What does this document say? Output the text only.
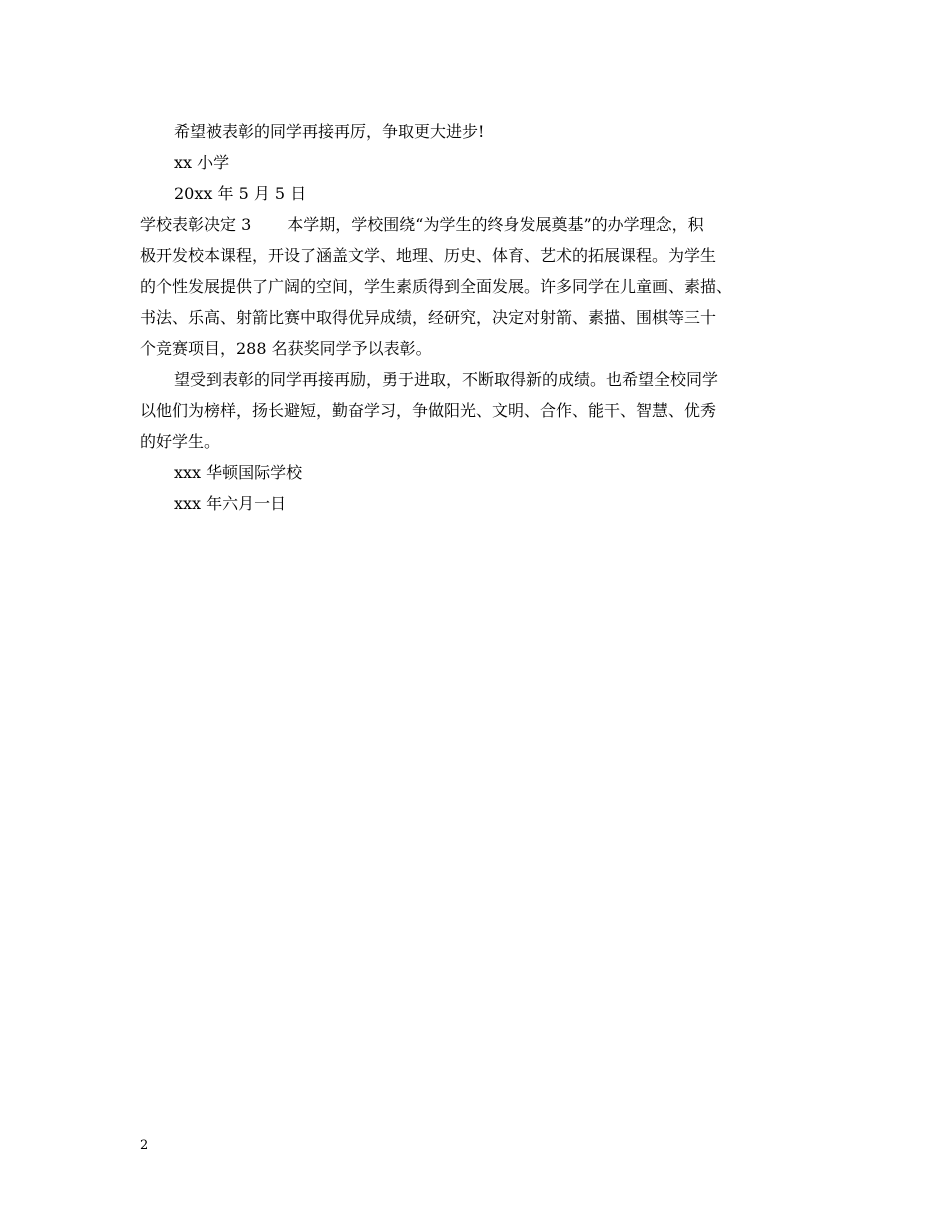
希望被表彰的同学再接再厉，争取更大进步!
xx 小学
20xx 年 5 月 5 日
学校表彰决定 3 本学期，学校围绕“为学生的终身发展奠基”的办学理念，积
极开发校本课程，开设了涵盖文学、地理、历史、体育、艺术的拓展课程。为学生
的个性发展提供了广阔的空间，学生素质得到全面发展。许多同学在儿童画、素描、
书法、乐高、射箭比赛中取得优异成绩，经研究，决定对射箭、素描、围棋等三十
个竞赛项目，288 名获奖同学予以表彰。
望受到表彰的同学再接再励，勇于进取，不断取得新的成绩。也希望全校同学
以他们为榜样，扬长避短，勤奋学习，争做阳光、文明、合作、能干、智慧、优秀
的好学生。
xxx 华顿国际学校
xxx 年六月一日
2
